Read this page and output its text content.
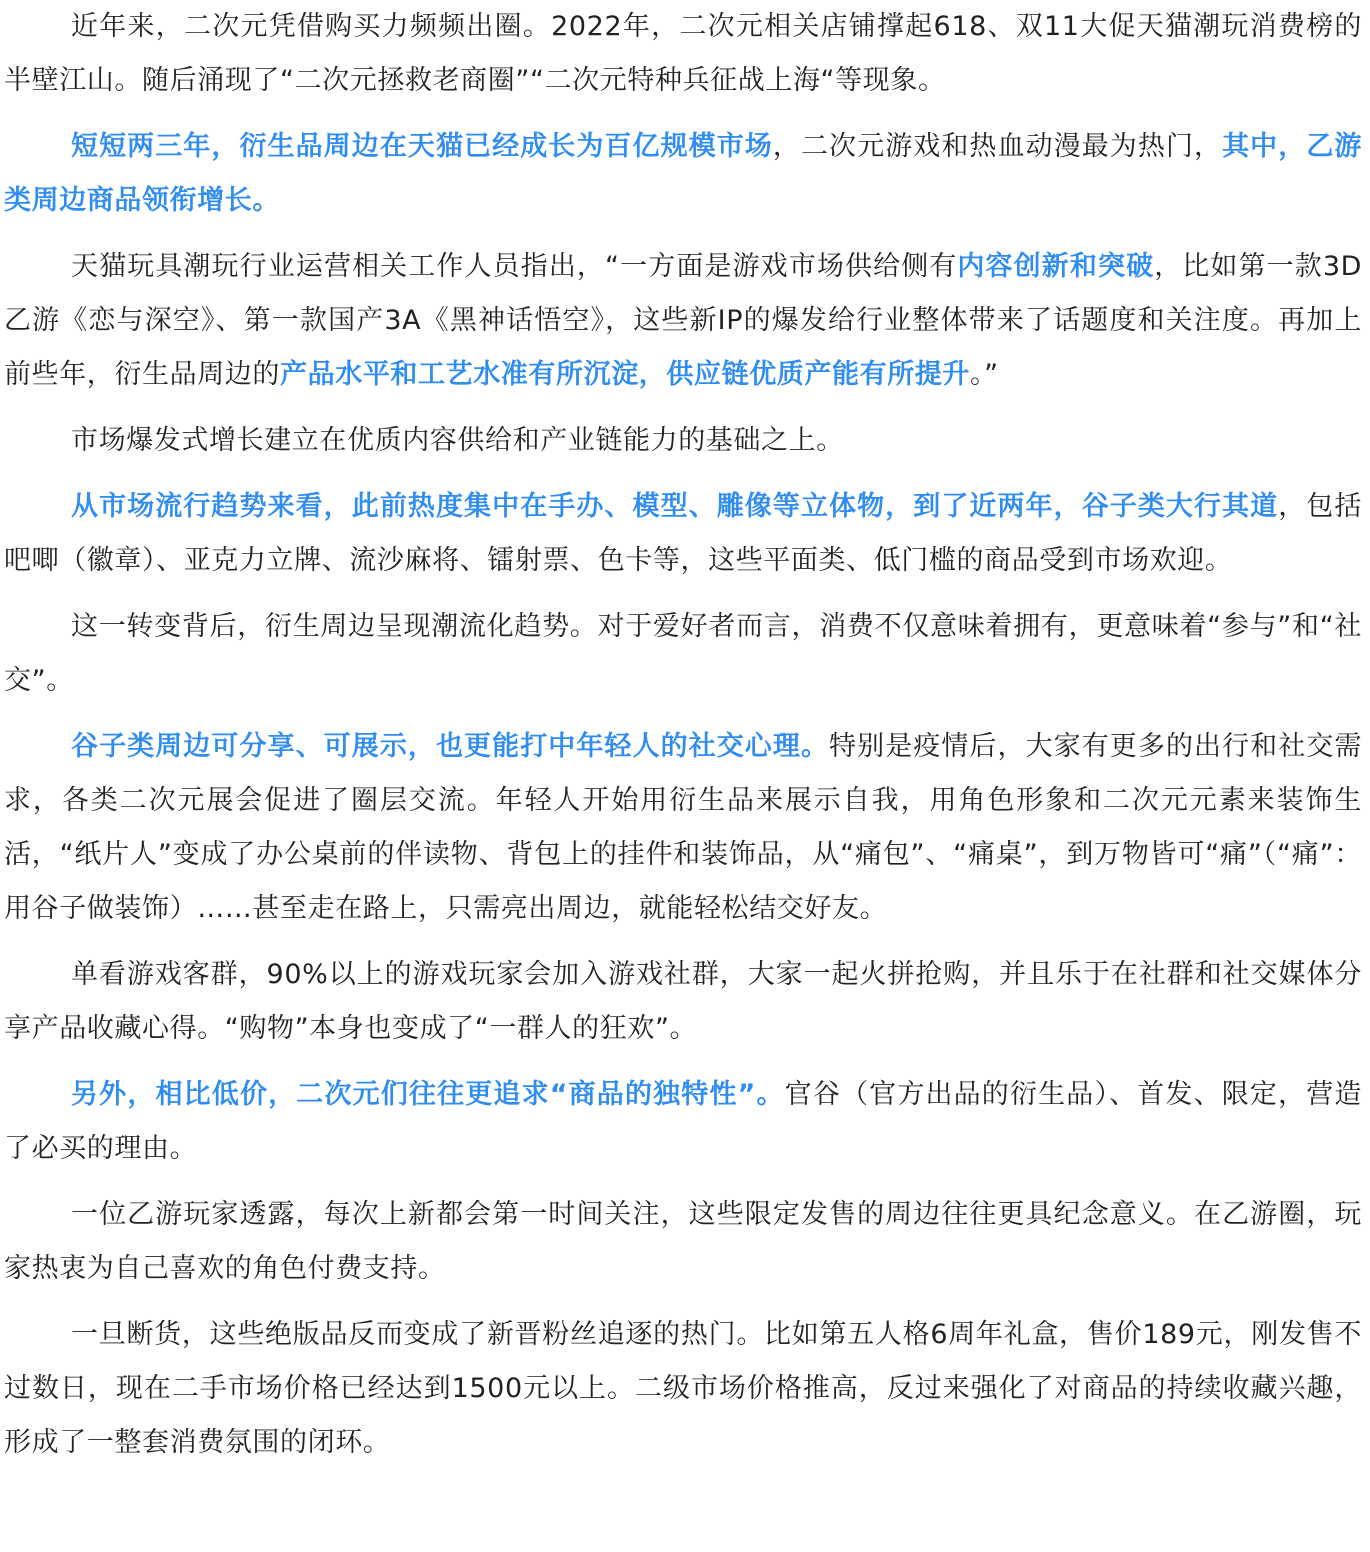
近年来，二次元凭借购买力频频出圈。2022年，二次元相关店铺撑起618、双11大促天猫潮玩消费榜的半壁江山。随后涌现了“二次元拯救老商圈”“二次元特种兵征战上海“等现象。

短短两三年，衍生品周边在天猫已经成长为百亿规模市场，二次元游戏和热血动漫最为热门，其中，乙游类周边商品领衔增长。

天猫玩具潮玩行业运营相关工作人员指出，“一方面是游戏市场供给侧有内容创新和突破，比如第一款3D乙游《恋与深空》、第一款国产3A《黑神话悟空》，这些新IP的爆发给行业整体带来了话题度和关注度。再加上前些年，衍生品周边的产品水平和工艺水准有所沉淀，供应链优质产能有所提升。”

市场爆发式增长建立在优质内容供给和产业链能力的基础之上。

从市场流行趋势来看，此前热度集中在手办、模型、雕像等立体物，到了近两年，谷子类大行其道，包括吧唧（徽章）、亚克力立牌、流沙麻将、镭射票、色卡等，这些平面类、低门槛的商品受到市场欢迎。

这一转变背后，衍生周边呈现潮流化趋势。对于爱好者而言，消费不仅意味着拥有，更意味着“参与”和“社交”。

谷子类周边可分享、可展示，也更能打中年轻人的社交心理。特别是疫情后，大家有更多的出行和社交需求，各类二次元展会促进了圈层交流。年轻人开始用衍生品来展示自我，用角色形象和二次元元素来装饰生活，“纸片人”变成了办公桌前的伴读物、背包上的挂件和装饰品，从“痛包”、“痛桌”，到万物皆可“痛”（“痛”：用谷子做装饰）……甚至走在路上，只需亮出周边，就能轻松结交好友。

单看游戏客群，90%以上的游戏玩家会加入游戏社群，大家一起火拼抢购，并且乐于在社群和社交媒体分享产品收藏心得。“购物”本身也变成了“一群人的狂欢”。

另外，相比低价，二次元们往往更追求“商品的独特性”。官谷（官方出品的衍生品）、首发、限定，营造了必买的理由。

一位乙游玩家透露，每次上新都会第一时间关注，这些限定发售的周边往往更具纪念意义。在乙游圈，玩家热衷为自己喜欢的角色付费支持。

一旦断货，这些绝版品反而变成了新晋粉丝追逐的热门。比如第五人格6周年礼盒，售价189元，刚发售不过数日，现在二手市场价格已经达到1500元以上。二级市场价格推高，反过来强化了对商品的持续收藏兴趣，形成了一整套消费氛围的闭环。
